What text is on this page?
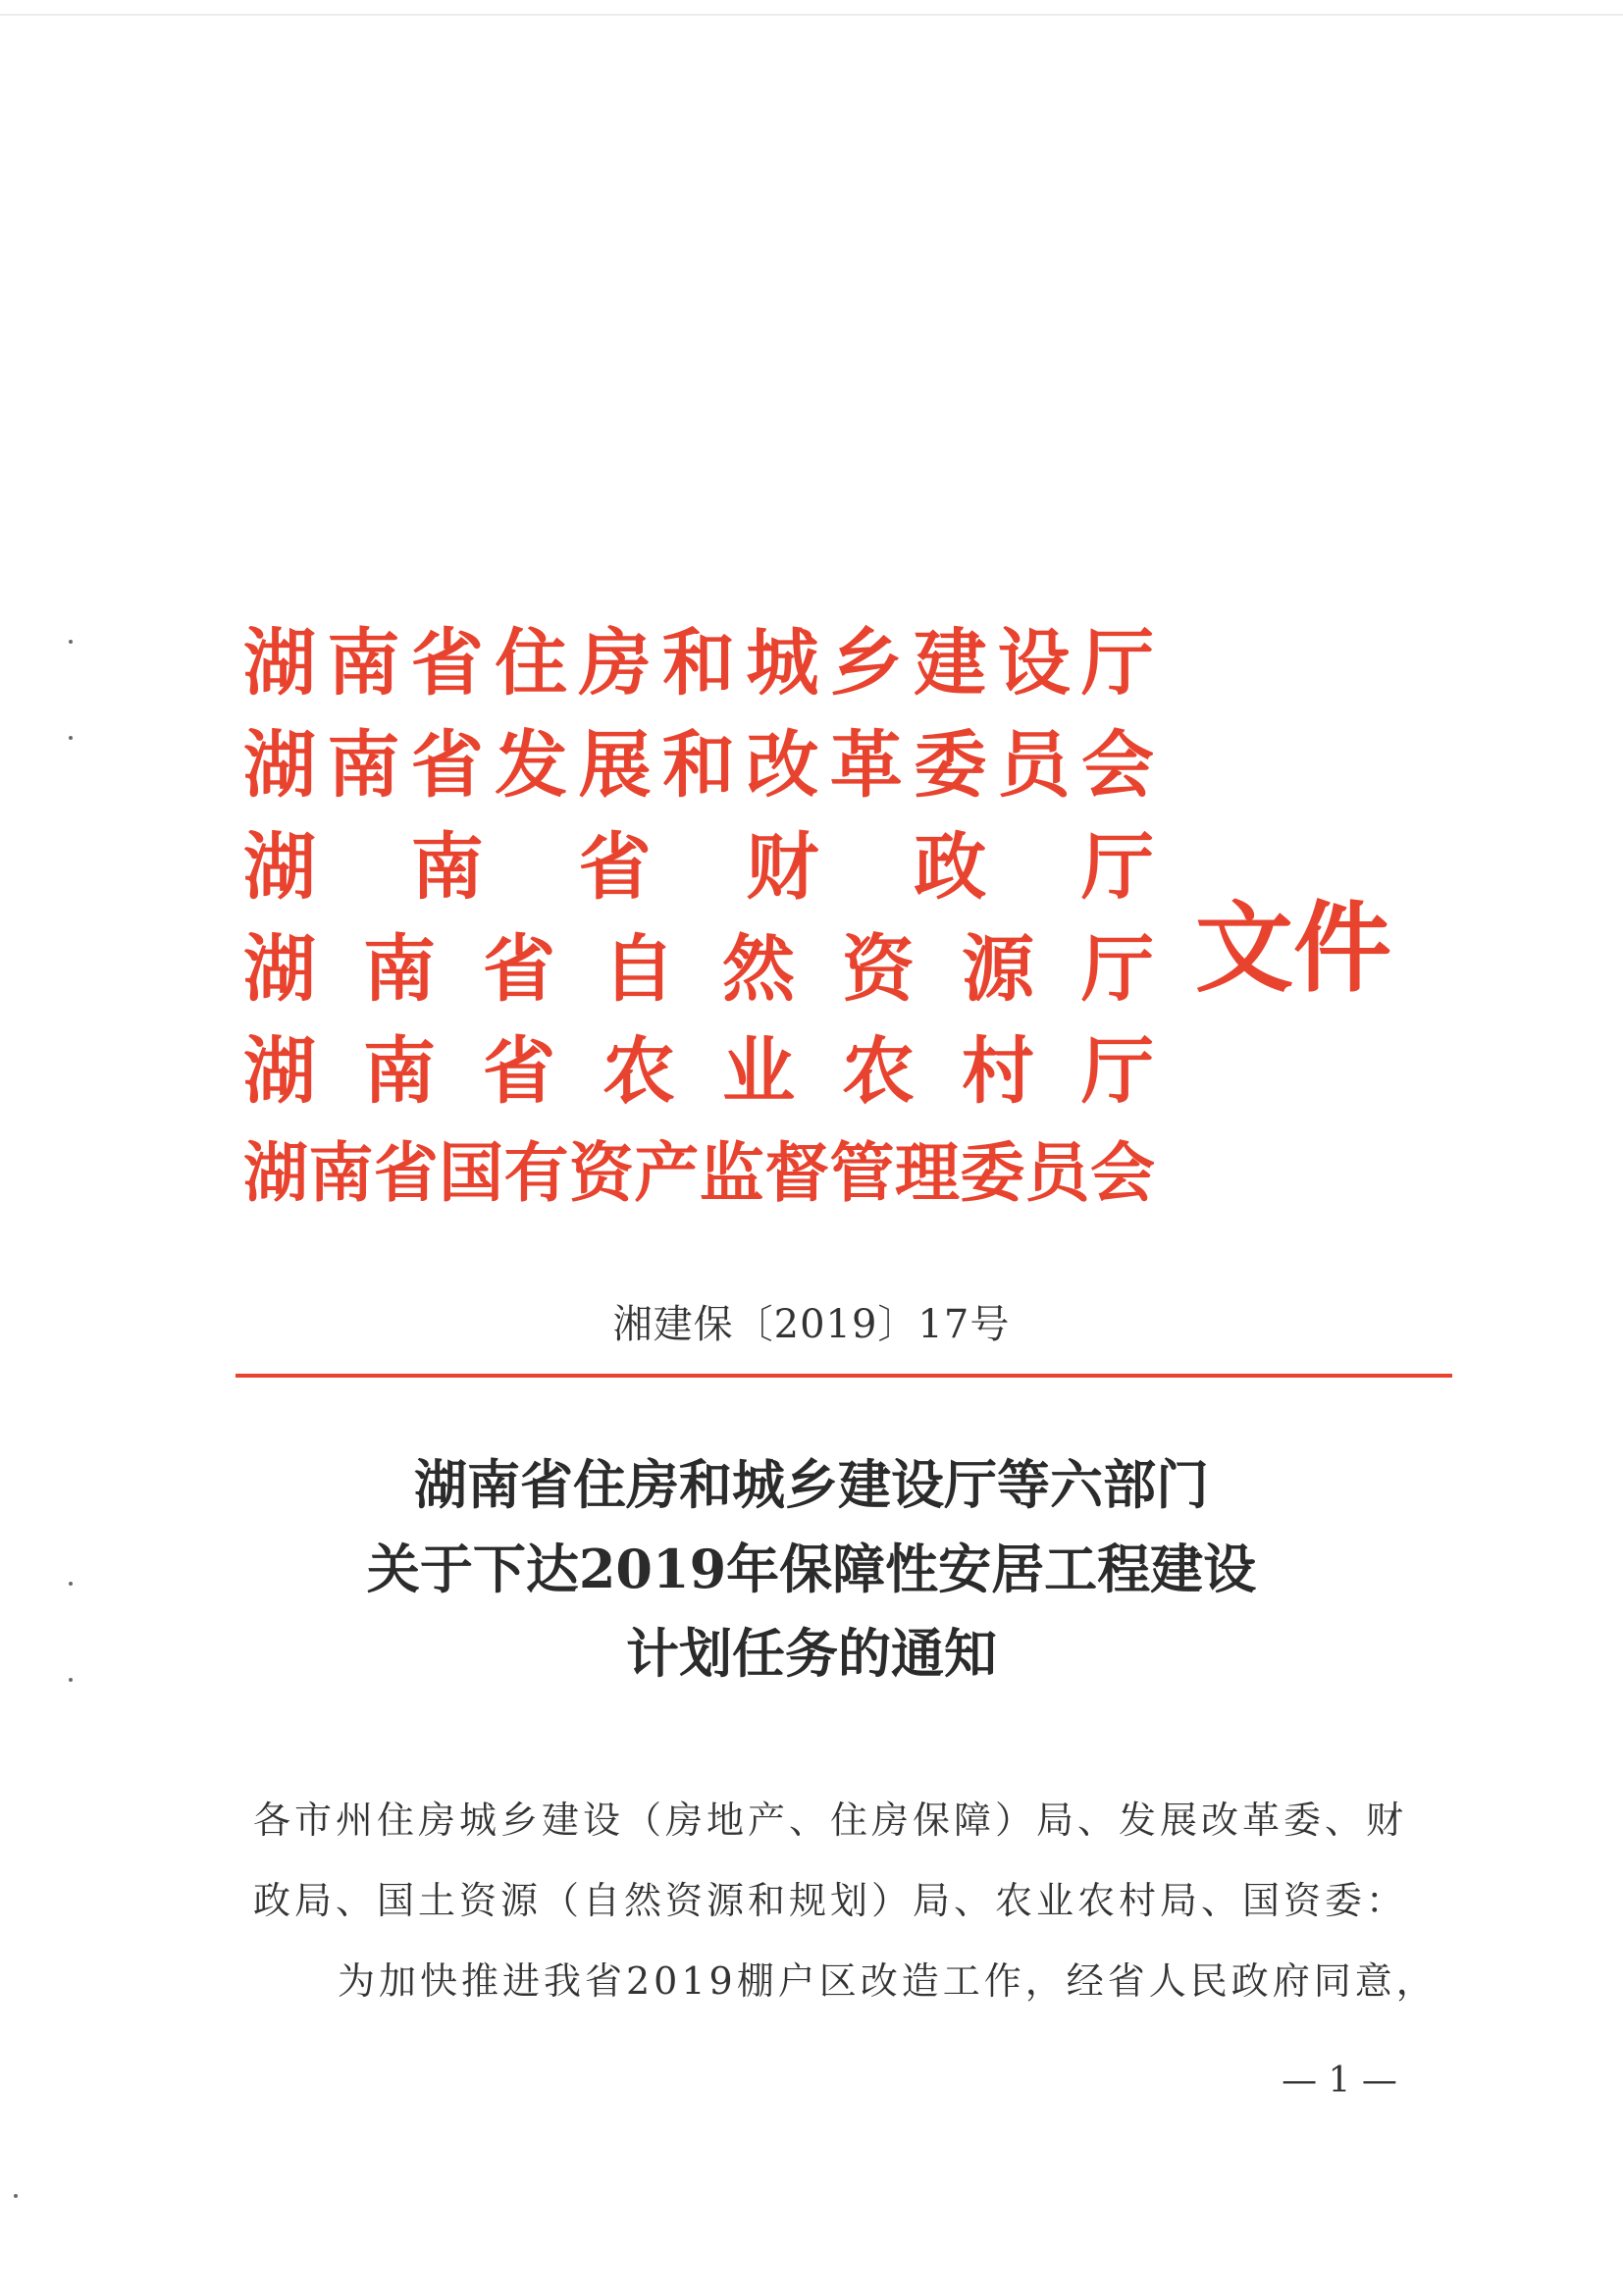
湖南省住房和城乡建设厅
湖南省发展和改革委员会
湖南省财政厅
湖南省自然资源厅
湖南省农业农村厅
湖南省国有资产监督管理委员会
文件
湘建保〔2019〕17号
湖南省住房和城乡建设厅等六部门
关于下达2019年保障性安居工程建设
计划任务的通知
各市州住房城乡建设（房地产、住房保障）局、发展改革委、财
政局、国土资源（自然资源和规划）局、农业农村局、国资委：
为加快推进我省2019棚户区改造工作，经省人民政府同意，
— 1 —
